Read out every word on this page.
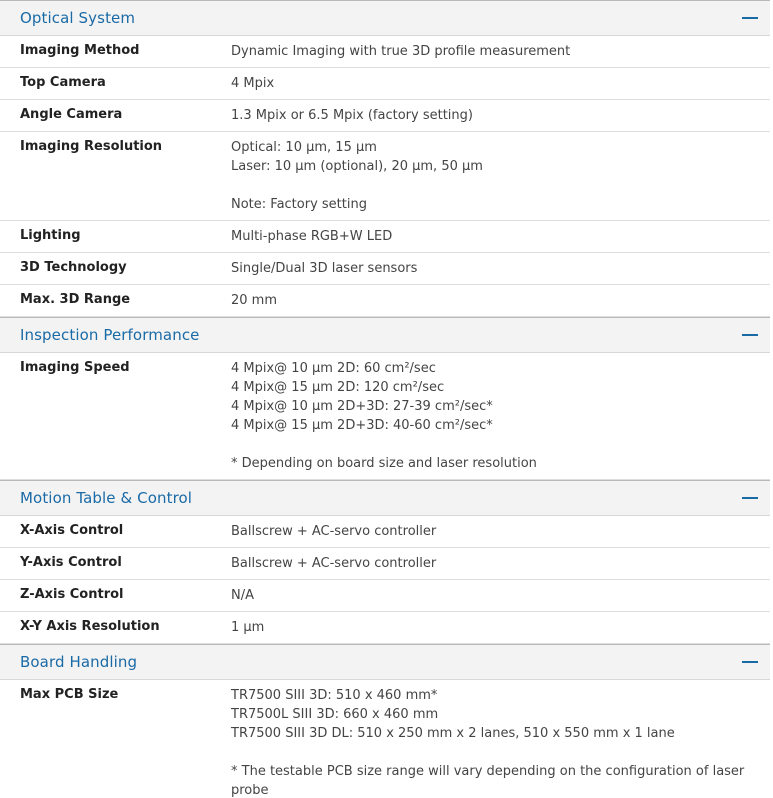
Optical System
Imaging Method	Dynamic Imaging with true 3D profile measurement
Top Camera	4 Mpix
Angle Camera	1.3 Mpix or 6.5 Mpix (factory setting)
Imaging Resolution	Optical: 10 μm, 15 μm
Laser: 10 μm (optional), 20 μm, 50 μm
Note: Factory setting
Lighting	Multi-phase RGB+W LED
3D Technology	Single/Dual 3D laser sensors
Max. 3D Range	20 mm
Inspection Performance
Imaging Speed	4 Mpix@ 10 μm 2D: 60 cm²/sec
4 Mpix@ 15 μm 2D: 120 cm²/sec
4 Mpix@ 10 μm 2D+3D: 27-39 cm²/sec*
4 Mpix@ 15 μm 2D+3D: 40-60 cm²/sec*
* Depending on board size and laser resolution
Motion Table & Control
X-Axis Control	Ballscrew + AC-servo controller
Y-Axis Control	Ballscrew + AC-servo controller
Z-Axis Control	N/A
X-Y Axis Resolution	1 μm
Board Handling
Max PCB Size	TR7500 SIII 3D: 510 x 460 mm*
TR7500L SIII 3D: 660 x 460 mm
TR7500 SIII 3D DL: 510 x 250 mm x 2 lanes, 510 x 550 mm x 1 lane
* The testable PCB size range will vary depending on the configuration of laser
probe
